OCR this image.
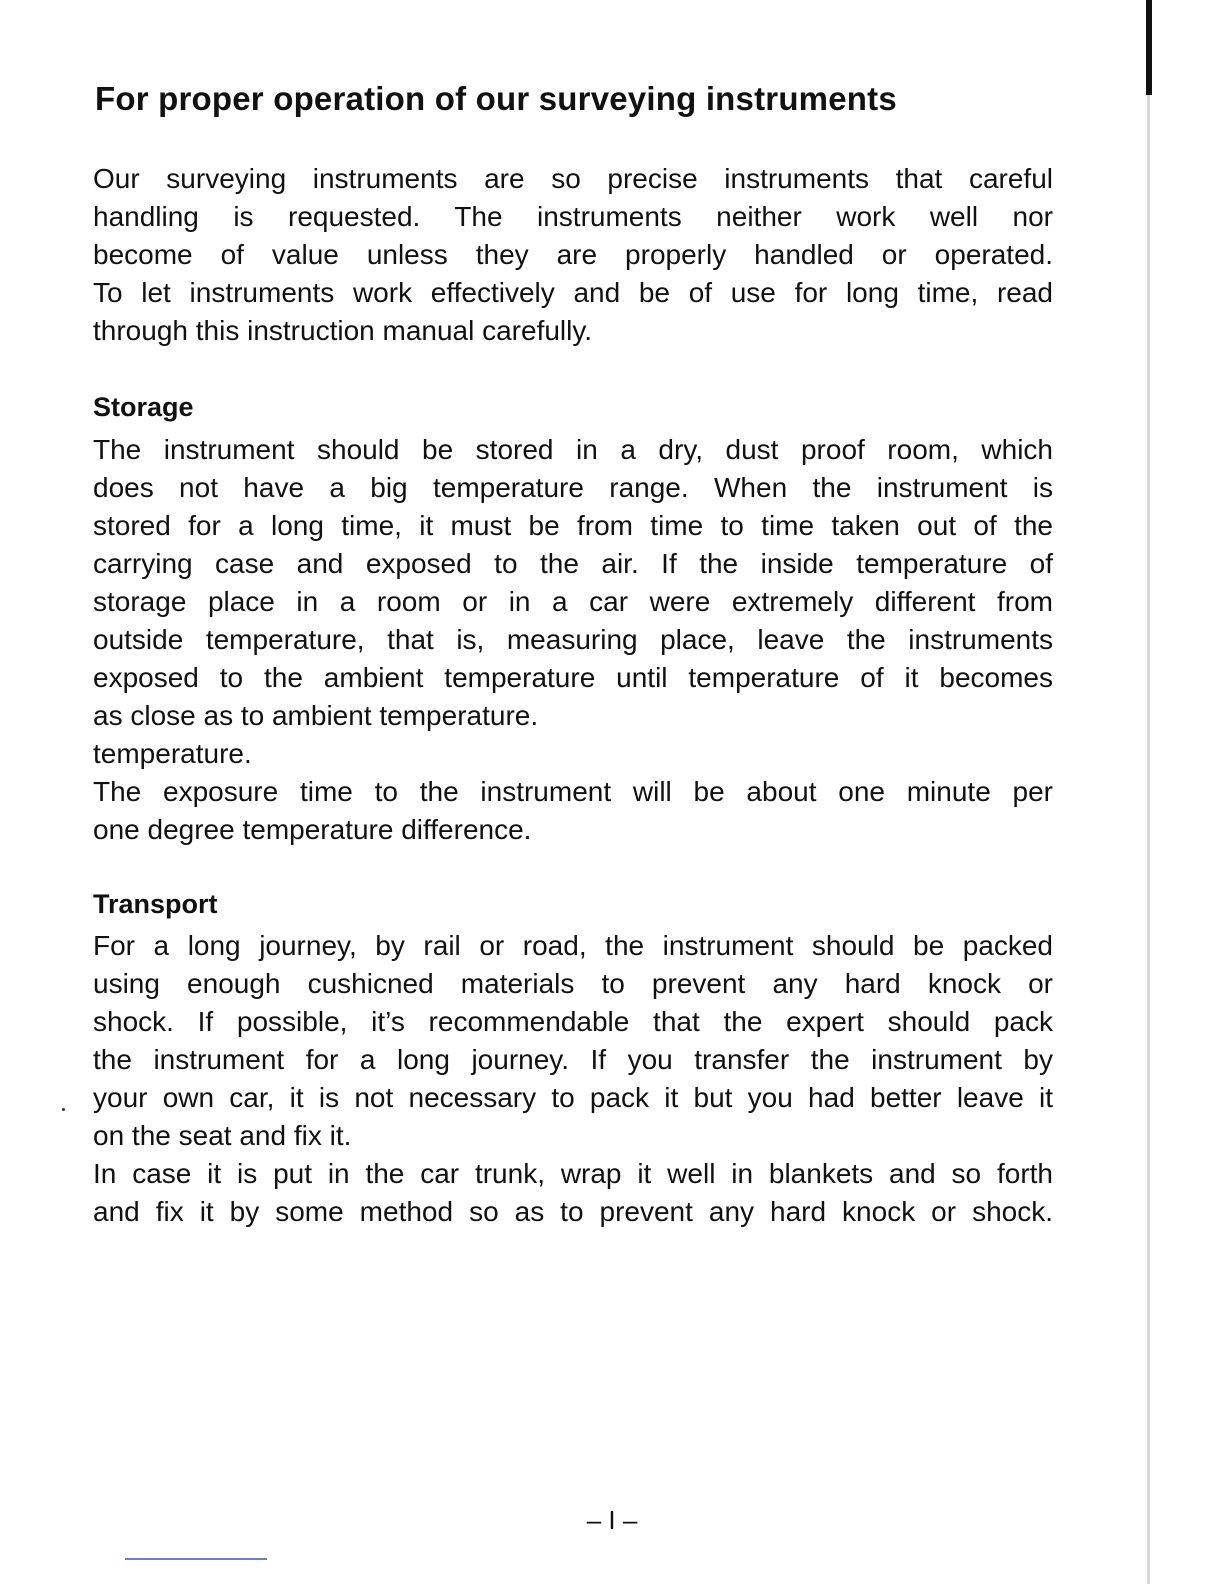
For proper operation of our surveying instruments
Our surveying instruments are so precise instruments that careful
handling is requested. The instruments neither work well nor
become of value unless they are properly handled or operated.
To let instruments work effectively and be of use for long time, read
through this instruction manual carefully.
Storage
The instrument should be stored in a dry, dust proof room, which
does not have a big temperature range. When the instrument is
stored for a long time, it must be from time to time taken out of the
carrying case and exposed to the air. If the inside temperature of
storage place in a room or in a car were extremely different from
outside temperature, that is, measuring place, leave the instruments
exposed to the ambient temperature until temperature of it becomes
as close as to ambient temperature.
temperature.
The exposure time to the instrument will be about one minute per
one degree temperature difference.
Transport
For a long journey, by rail or road, the instrument should be packed
using enough cushicned materials to prevent any hard knock or
shock. If possible, it’s recommendable that the expert should pack
the instrument for a long journey. If you transfer the instrument by
your own car, it is not necessary to pack it but you had better leave it
on the seat and fix it.
In case it is put in the car trunk, wrap it well in blankets and so forth
and fix it by some method so as to prevent any hard knock or shock.

– I –
